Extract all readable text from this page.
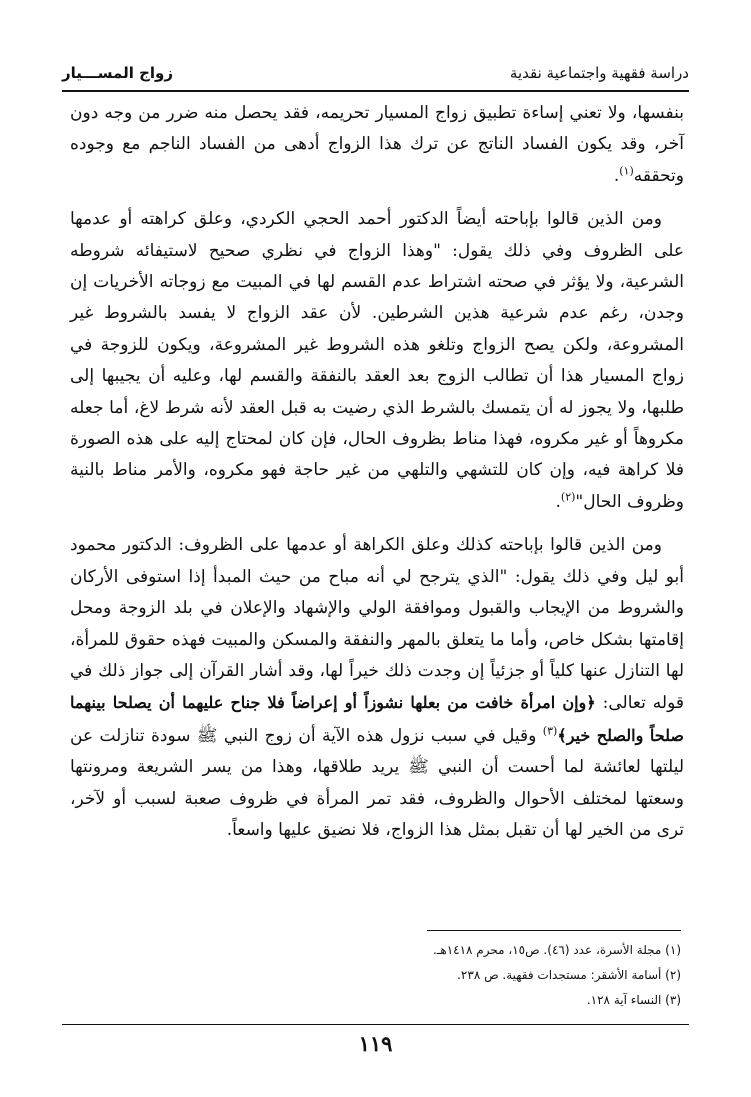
دراسة فقهية واجتماعية نقدية
زواج المســـيار

بنفسها، ولا تعني إساءة تطبيق زواج المسيار تحريمه، فقد يحصل منه ضرر من وجه دون آخر، وقد يكون الفساد الناتج عن ترك هذا الزواج أدهى من الفساد الناجم مع وجوده وتحققه$^{(١)}$.

ومن الذين قالوا بإباحته أيضاً الدكتور أحمد الحجي الكردي، وعلق كراهته أو عدمها على الظروف وفي ذلك يقول: "وهذا الزواج في نظري صحيح لاستيفائه شروطه الشرعية، ولا يؤثر في صحته اشتراط عدم القسم لها في المبيت مع زوجاته الأخريات إن وجدن، رغم عدم شرعية هذين الشرطين. لأن عقد الزواج لا يفسد بالشروط غير المشروعة، ولكن يصح الزواج وتلغو هذه الشروط غير المشروعة، ويكون للزوجة في زواج المسيار هذا أن تطالب الزوج بعد العقد بالنفقة والقسم لها، وعليه أن يجيبها إلى طلبها، ولا يجوز له أن يتمسك بالشرط الذي رضيت به قبل العقد لأنه شرط لاغ، أما جعله مكروهاً أو غير مكروه، فهذا مناط بظروف الحال، فإن كان لمحتاج إليه على هذه الصورة فلا كراهة فيه، وإن كان للتشهي والتلهي من غير حاجة فهو مكروه، والأمر مناط بالنية وظروف الحال"$^{(٢)}$.

ومن الذين قالوا بإباحته كذلك وعلق الكراهة أو عدمها على الظروف: الدكتور محمود أبو ليل وفي ذلك يقول: "الذي يترجح لي أنه مباح من حيث المبدأ إذا استوفى الأركان والشروط من الإيجاب والقبول وموافقة الولي والإشهاد والإعلان في بلد الزوجة ومحل إقامتها بشكل خاص، وأما ما يتعلق بالمهر والنفقة والمسكن والمبيت فهذه حقوق للمرأة، لها التنازل عنها كلياً أو جزئياً إن وجدت ذلك خيراً لها، وقد أشار القرآن إلى جواز ذلك في قوله تعالى: ﴿وإن امرأة خافت من بعلها نشوزاً أو إعراضاً فلا جناح عليهما أن يصلحا بينهما صلحاً والصلح خير﴾$^{(٣)}$ وقيل في سبب نزول هذه الآية أن زوج النبي ﷺ سودة تنازلت عن ليلتها لعائشة لما أحست أن النبي ﷺ يريد طلاقها، وهذا من يسر الشريعة ومرونتها وسعتها لمختلف الأحوال والظروف، فقد تمر المرأة في ظروف صعبة لسبب أو لآخر، ترى من الخير لها أن تقبل بمثل هذا الزواج، فلا نضيق عليها واسعاً.

(١) مجلة الأسرة، عدد (٤٦). ص١٥، محرم ١٤١٨هـ.

(٢) أسامة الأشقر: مستجدات فقهية. ص ٢٣٨.

(٣) النساء آية ١٢٨.

١١٩
